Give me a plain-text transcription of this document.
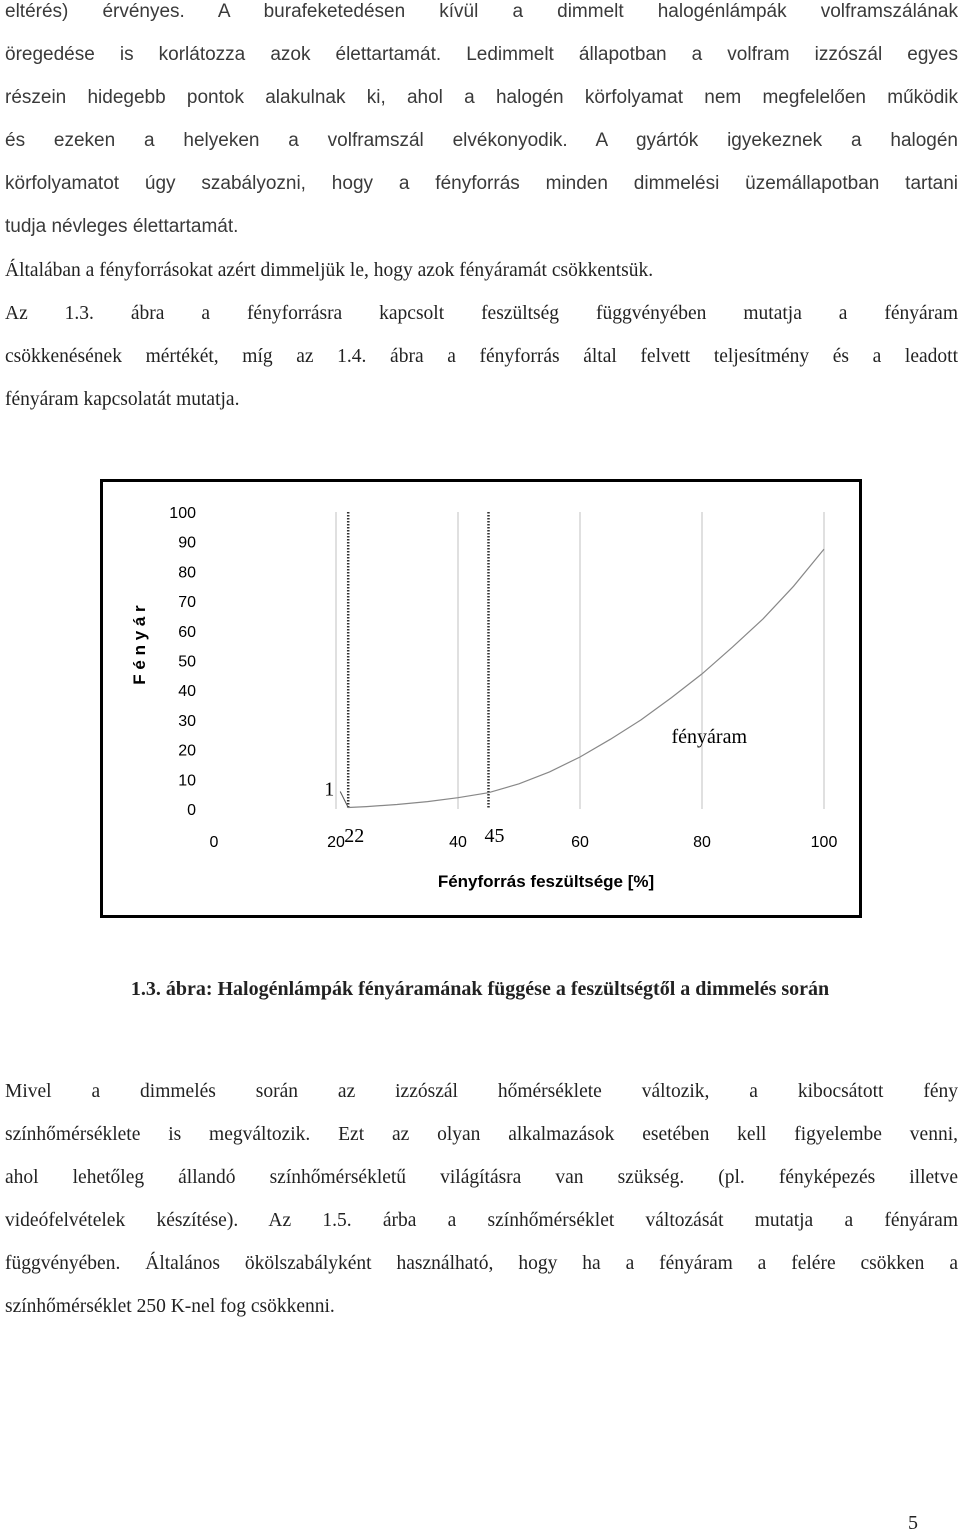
eltérés) érvényes. A burafeketedésen kívül a dimmelt halogénlámpák volframszálának
öregedése is korlátozza azok élettartamát. Ledimmelt állapotban a volfram izzószál egyes
részein hidegebb pontok alakulnak ki, ahol a halogén körfolyamat nem megfelelően működik
és ezeken a helyeken a volframszál elvékonyodik. A gyártók igyekeznek a halogén
körfolyamatot úgy szabályozni, hogy a fényforrás minden dimmelési üzemállapotban tartani
tudja névleges élettartamát.
Általában a fényforrásokat azért dimmeljük le, hogy azok fényáramát csökkentsük.
Az 1.3. ábra a fényforrásra kapcsolt feszültség függvényében mutatja a fényáram
csökkenésének mértékét, míg az 1.4. ábra a fényforrás által felvett teljesítmény és a leadott
fényáram kapcsolatát mutatja.
0
10
20
30
40
50
60
70
80
90
100
0	20	40	60	80	100
22	45
fényáram
1
Fényforrás feszültsége [%]
F é n y á r
1.3. ábra: Halogénlámpák fényáramának függése a feszültségtől a dimmelés során
Mivel a dimmelés során az izzószál hőmérséklete változik, a kibocsátott fény
színhőmérséklete is megváltozik. Ezt az olyan alkalmazások esetében kell figyelembe venni,
ahol lehetőleg állandó színhőmérsékletű világításra van szükség. (pl. fényképezés illetve
videófelvételek készítése). Az 1.5. árba a színhőmérséklet változását mutatja a fényáram
függvényében. Általános ökölszabályként használható, hogy ha a fényáram a felére csökken a
színhőmérséklet 250 K-nel fog csökkenni.
5
